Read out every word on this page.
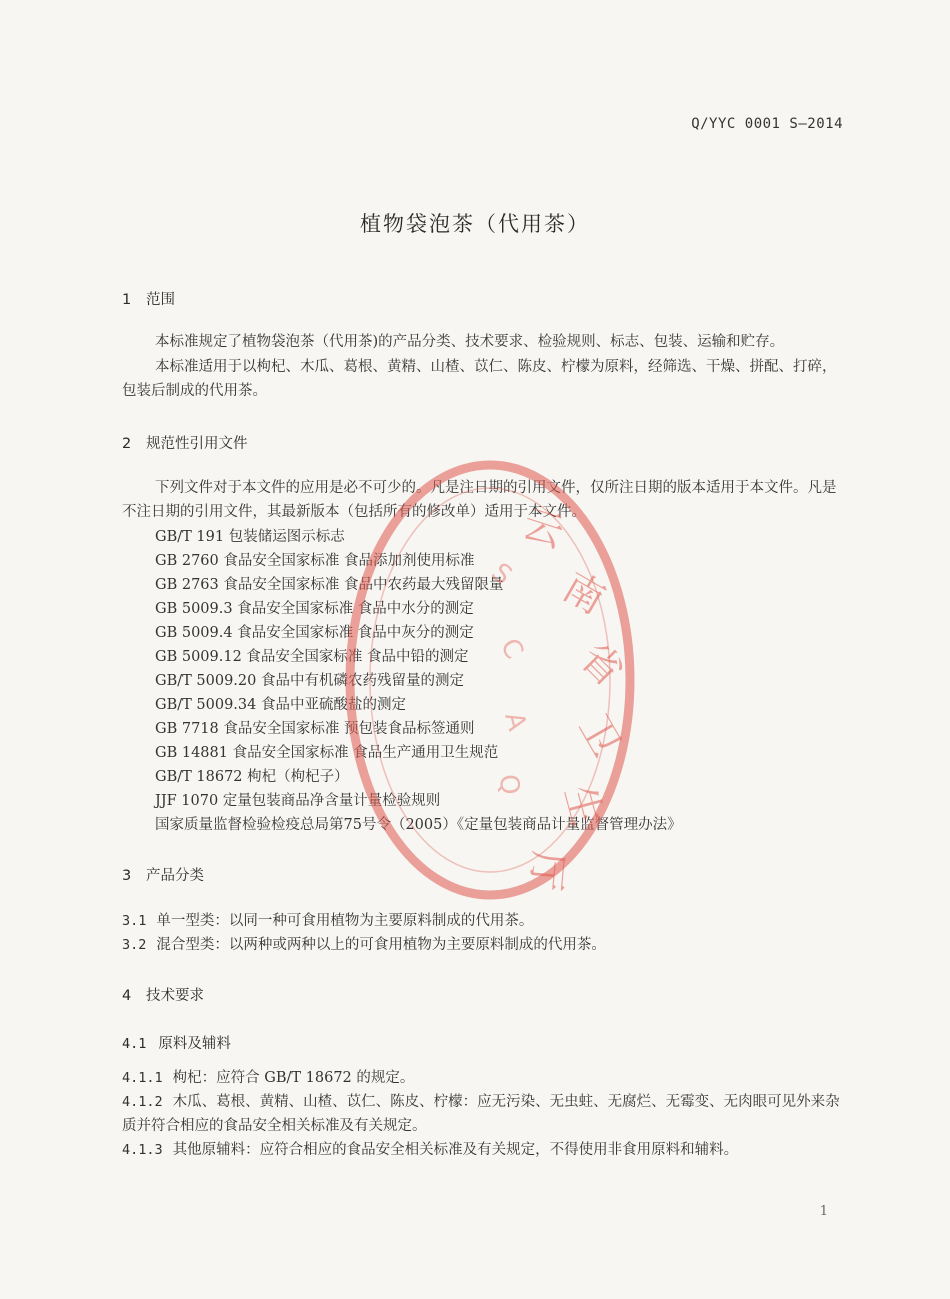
Q/YYC 0001 S—2014
植物袋泡茶（代用茶）
1 范围
本标准规定了植物袋泡茶（代用茶)的产品分类、技术要求、检验规则、标志、包装、运输和贮存。
本标准适用于以枸杞、木瓜、葛根、黄精、山楂、苡仁、陈皮、柠檬为原料，经筛选、干燥、拼配、打碎，包装后制成的代用茶。
2 规范性引用文件
下列文件对于本文件的应用是必不可少的。凡是注日期的引用文件，仅所注日期的版本适用于本文件。凡是不注日期的引用文件，其最新版本（包括所有的修改单）适用于本文件。
GB/T 191 包装储运图示标志
GB 2760 食品安全国家标准 食品添加剂使用标准
GB 2763 食品安全国家标准 食品中农药最大残留限量
GB 5009.3 食品安全国家标准 食品中水分的测定
GB 5009.4 食品安全国家标准 食品中灰分的测定
GB 5009.12 食品安全国家标准 食品中铅的测定
GB/T 5009.20 食品中有机磷农药残留量的测定
GB/T 5009.34 食品中亚硫酸盐的测定
GB 7718 食品安全国家标准 预包装食品标签通则
GB 14881 食品安全国家标准 食品生产通用卫生规范
GB/T 18672 枸杞（枸杞子）
JJF 1070 定量包装商品净含量计量检验规则
国家质量监督检验检疫总局第75号令（2005）《定量包装商品计量监督管理办法》
3 产品分类
3.1 单一型类：以同一种可食用植物为主要原料制成的代用茶。
3.2 混合型类：以两种或两种以上的可食用植物为主要原料制成的代用茶。
4 技术要求
4.1 原料及辅料
4.1.1 枸杞：应符合 GB/T 18672 的规定。
4.1.2 木瓜、葛根、黄精、山楂、苡仁、陈皮、柠檬：应无污染、无虫蛀、无腐烂、无霉变、无肉眼可见外来杂质并符合相应的食品安全相关标准及有关规定。
4.1.3 其他原辅料：应符合相应的食品安全相关标准及有关规定，不得使用非食用原料和辅料。
云
南
省
卫
生
厅
S
C
A
Q
1
